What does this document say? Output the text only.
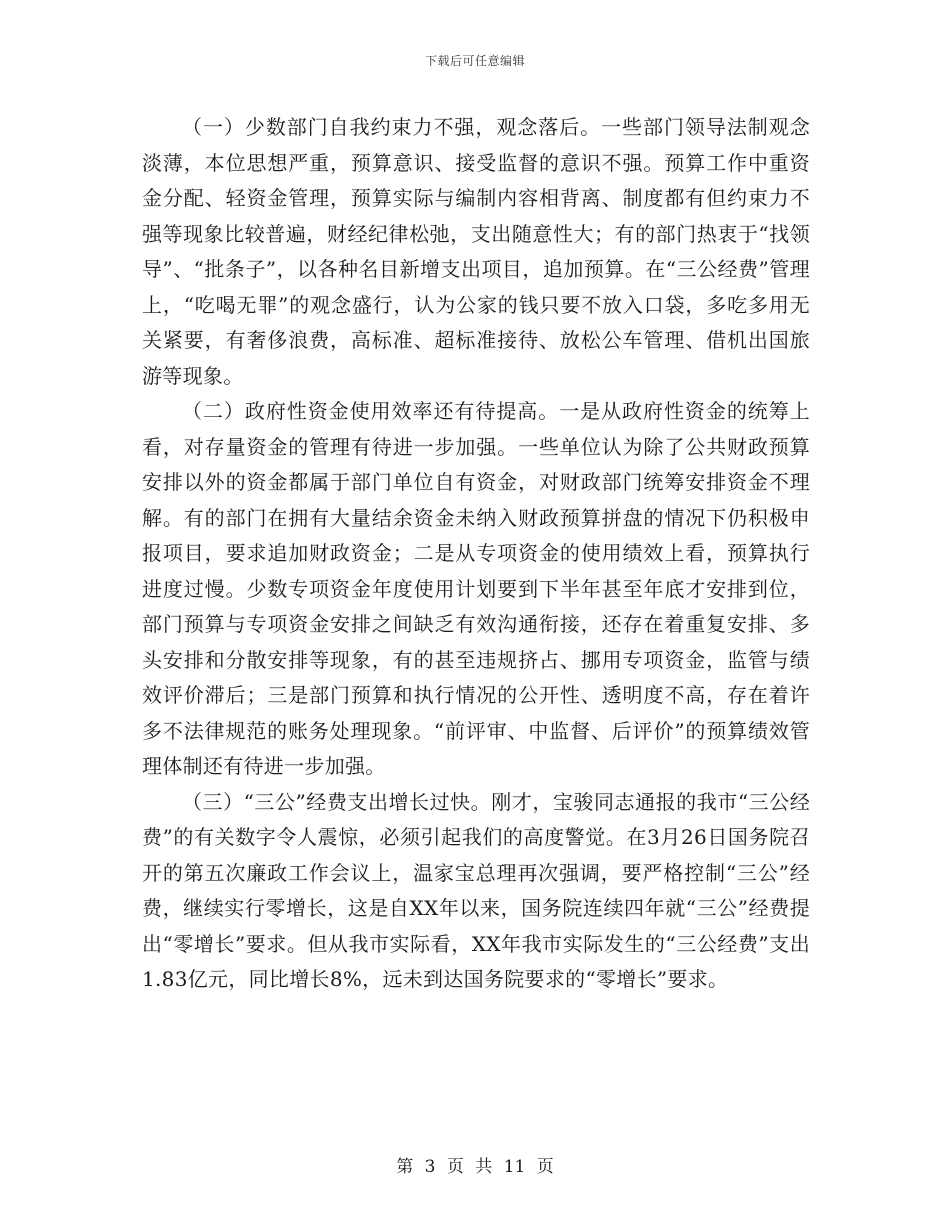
下载后可任意编辑

（一）少数部门自我约束力不强，观念落后。一些部门领导法制观念淡薄，本位思想严重，预算意识、接受监督的意识不强。预算工作中重资金分配、轻资金管理，预算实际与编制内容相背离、制度都有但约束力不强等现象比较普遍，财经纪律松弛，支出随意性大；有的部门热衷于“找领导”、“批条子”，以各种名目新增支出项目，追加预算。在“三公经费”管理上，“吃喝无罪”的观念盛行，认为公家的钱只要不放入口袋，多吃多用无关紧要，有奢侈浪费，高标准、超标准接待、放松公车管理、借机出国旅游等现象。

（二）政府性资金使用效率还有待提高。一是从政府性资金的统筹上看，对存量资金的管理有待进一步加强。一些单位认为除了公共财政预算安排以外的资金都属于部门单位自有资金，对财政部门统筹安排资金不理解。有的部门在拥有大量结余资金未纳入财政预算拼盘的情况下仍积极申报项目，要求追加财政资金；二是从专项资金的使用绩效上看，预算执行进度过慢。少数专项资金年度使用计划要到下半年甚至年底才安排到位，部门预算与专项资金安排之间缺乏有效沟通衔接，还存在着重复安排、多头安排和分散安排等现象，有的甚至违规挤占、挪用专项资金，监管与绩效评价滞后；三是部门预算和执行情况的公开性、透明度不高，存在着许多不法律规范的账务处理现象。“前评审、中监督、后评价”的预算绩效管理体制还有待进一步加强。

（三）“三公”经费支出增长过快。刚才，宝骏同志通报的我市“三公经费”的有关数字令人震惊，必须引起我们的高度警觉。在3月26日国务院召开的第五次廉政工作会议上，温家宝总理再次强调，要严格控制“三公”经费，继续实行零增长，这是自XX年以来，国务院连续四年就“三公”经费提出“零增长”要求。但从我市实际看，XX年我市实际发生的“三公经费”支出1.83亿元，同比增长8%，远未到达国务院要求的“零增长”要求。

第 3 页 共 11 页
